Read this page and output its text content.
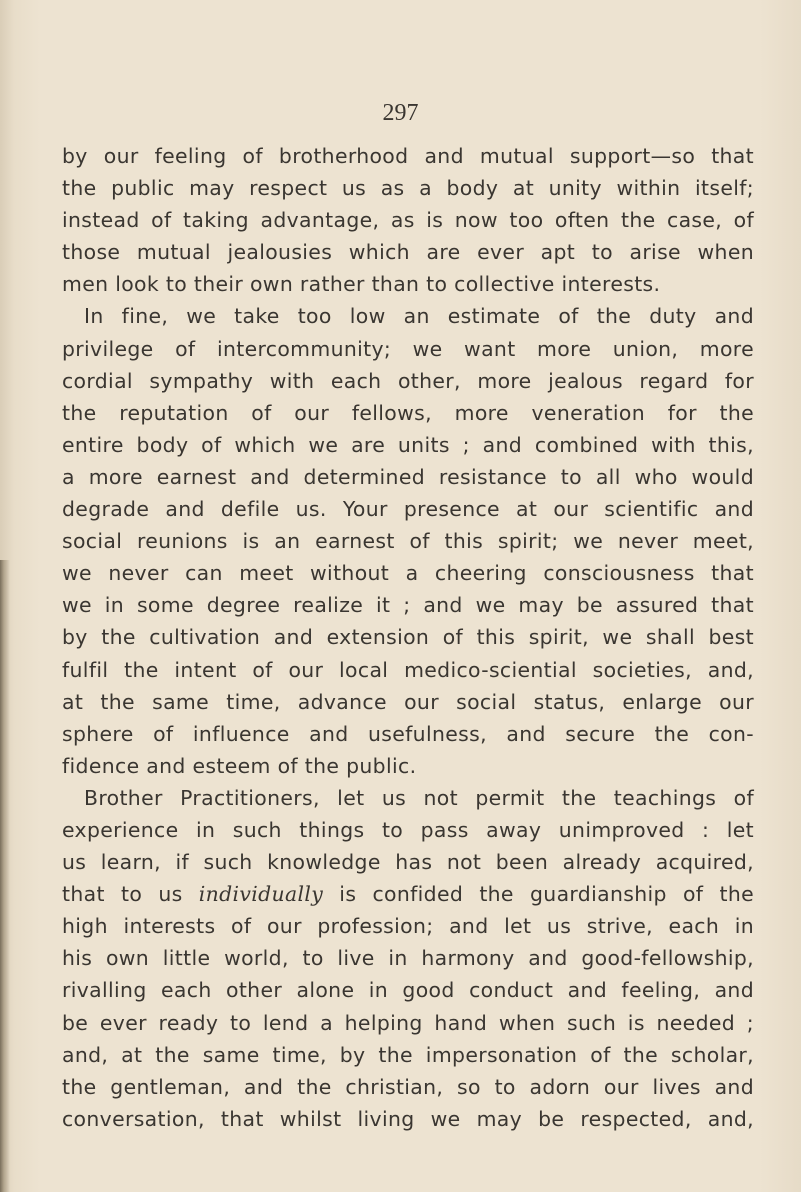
297

by our feeling of brotherhood and mutual support—so that
the public may respect us as a body at unity within itself;
instead of taking advantage, as is now too often the case, of
those mutual jealousies which are ever apt to arise when
men look to their own rather than to collective interests.
In fine, we take too low an estimate of the duty and
privilege of intercommunity; we want more union, more
cordial sympathy with each other, more jealous regard for
the reputation of our fellows, more veneration for the
entire body of which we are units ; and combined with this,
a more earnest and determined resistance to all who would
degrade and defile us. Your presence at our scientific and
social reunions is an earnest of this spirit; we never meet,
we never can meet without a cheering consciousness that
we in some degree realize it ; and we may be assured that
by the cultivation and extension of this spirit, we shall best
fulfil the intent of our local medico-sciential societies, and,
at the same time, advance our social status, enlarge our
sphere of influence and usefulness, and secure the con-
fidence and esteem of the public.
Brother Practitioners, let us not permit the teachings of
experience in such things to pass away unimproved : let
us learn, if such knowledge has not been already acquired,
that to us individually is confided the guardianship of the
high interests of our profession; and let us strive, each in
his own little world, to live in harmony and good-fellowship,
rivalling each other alone in good conduct and feeling, and
be ever ready to lend a helping hand when such is needed ;
and, at the same time, by the impersonation of the scholar,
the gentleman, and the christian, so to adorn our lives and
conversation, that whilst living we may be respected, and,
